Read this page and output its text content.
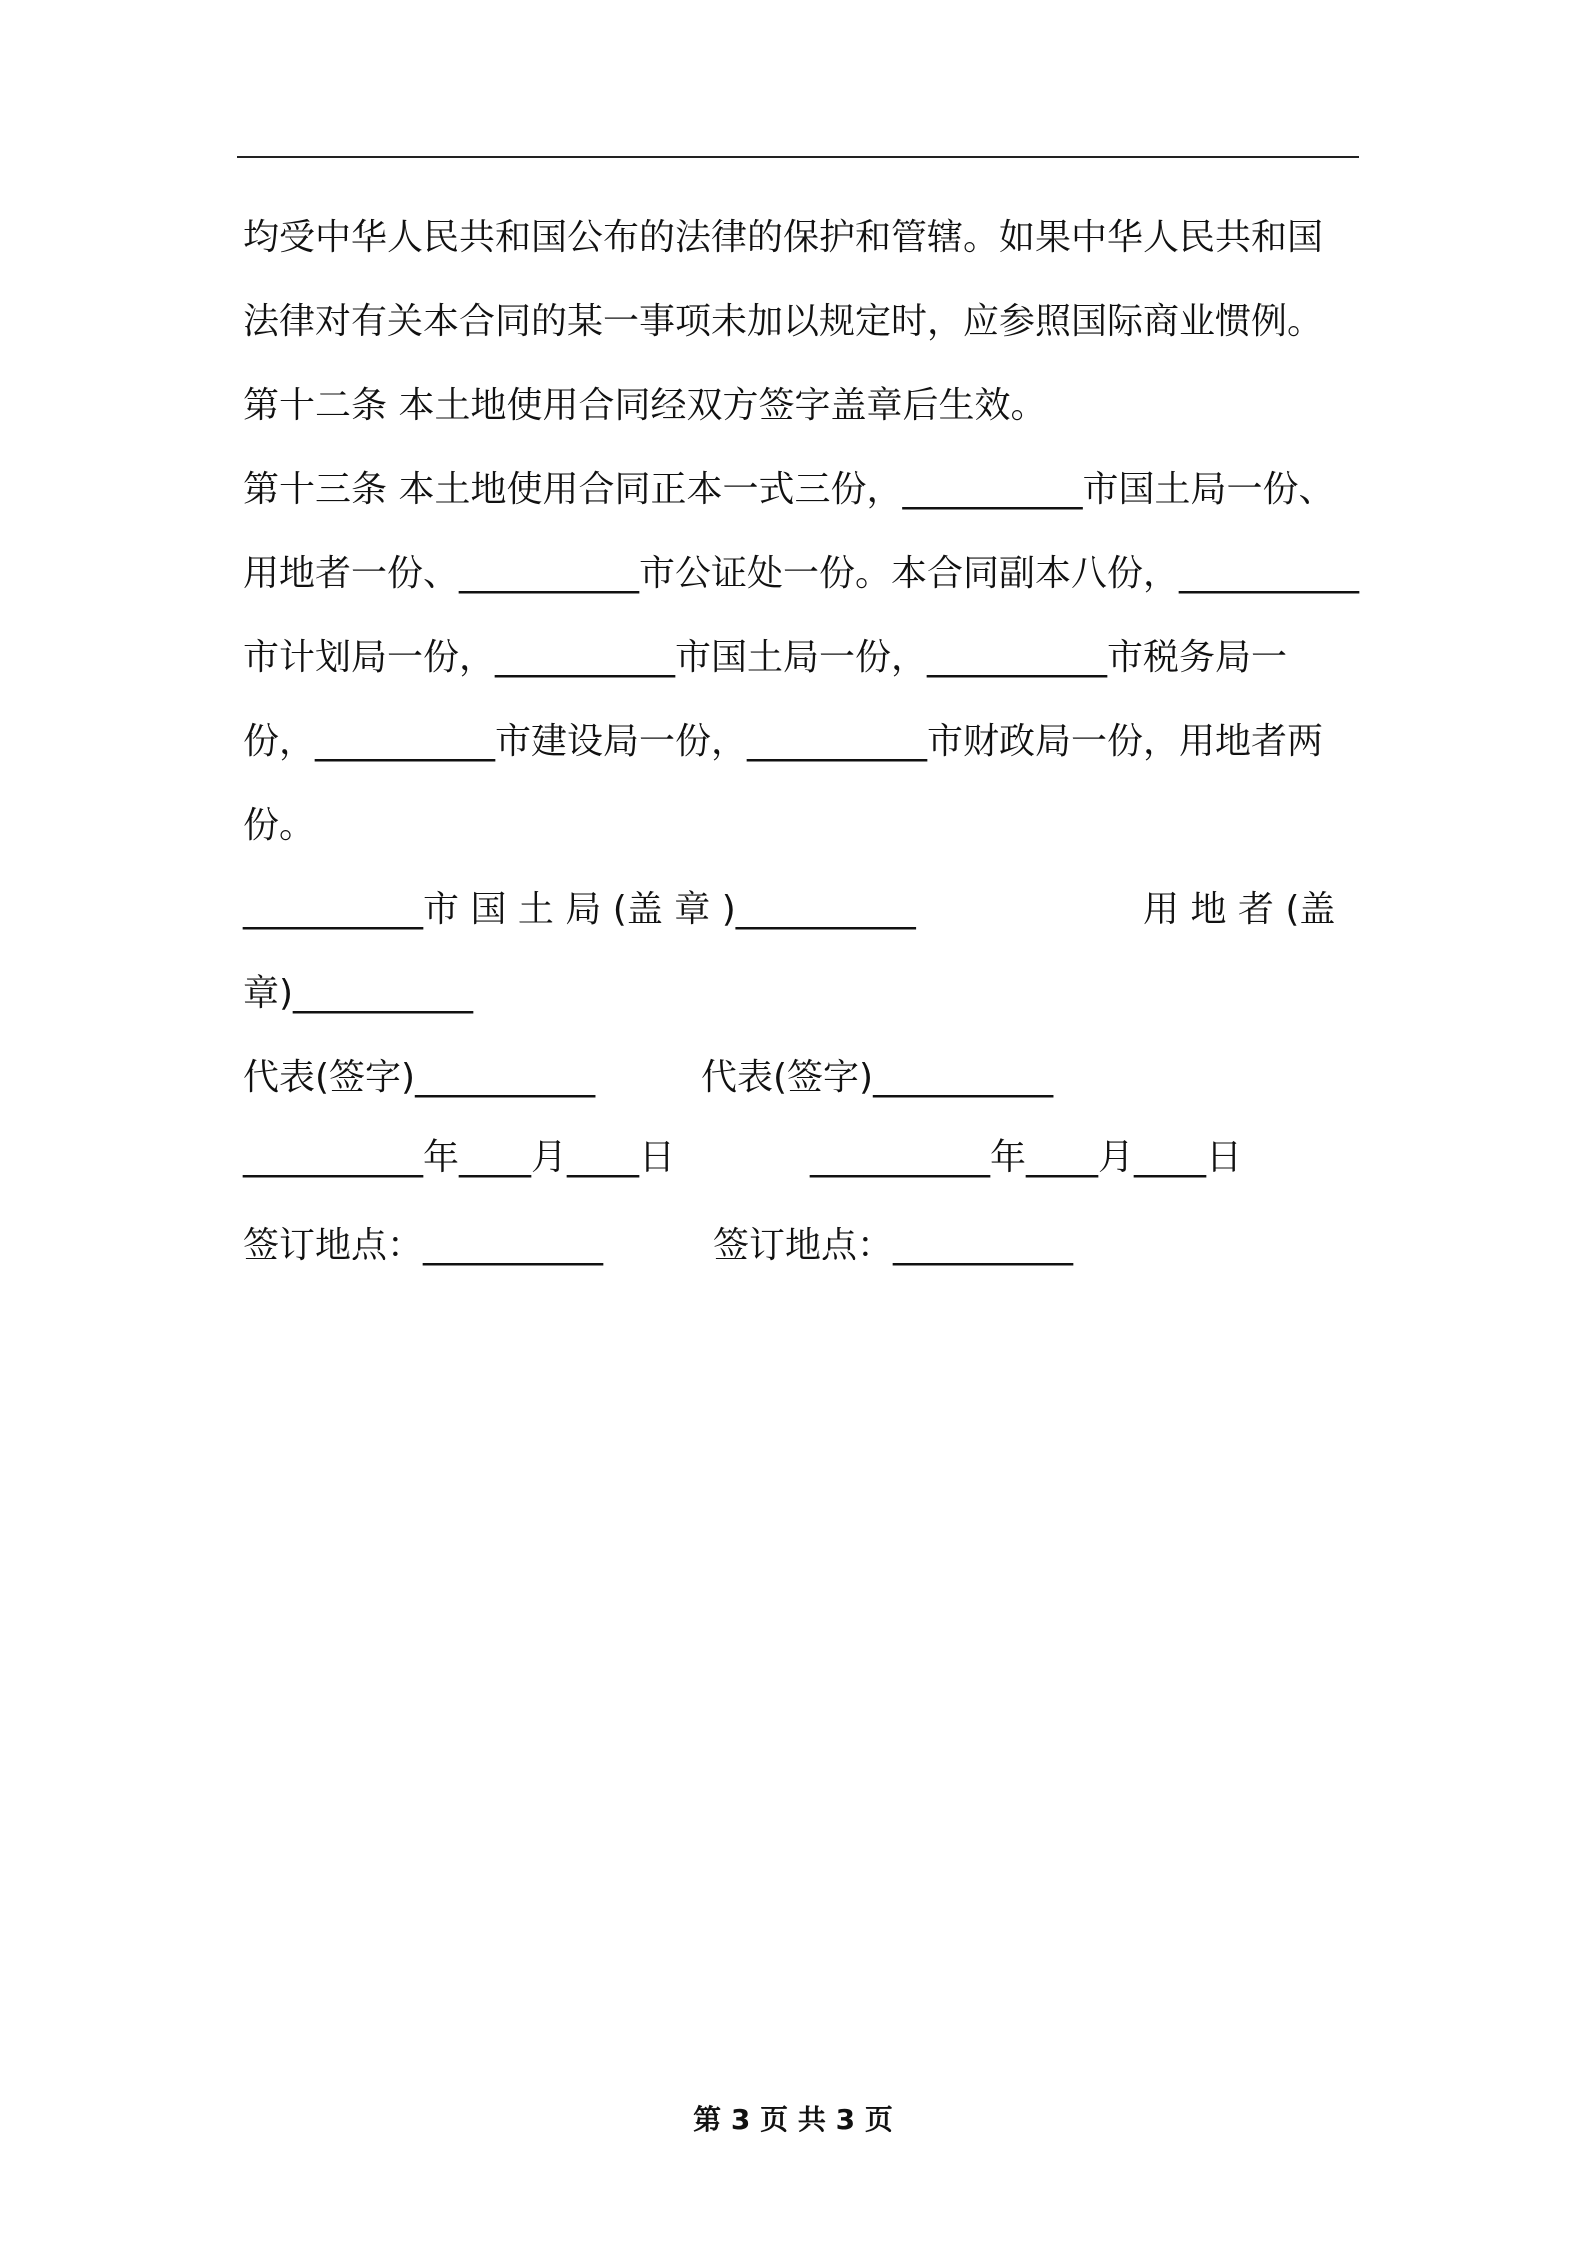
均受中华人民共和国公布的法律的保护和管辖。如果中华人民共和国
法律对有关本合同的某一事项未加以规定时，应参照国际商业惯例。
第十二条 本土地使用合同经双方签字盖章后生效。
第十三条 本土地使用合同正本一式三份，__________市国土局一份、
用地者一份、__________市公证处一份。本合同副本八份，__________
市计划局一份，__________市国土局一份，__________市税务局一
份，__________市建设局一份，__________市财政局一份，用地者两
份。
__________市 国 土 局 (盖 章 )__________	用 地 者 (盖
章)__________
代表(签字)__________	代表(签字)__________
__________年____月____日	__________年____月____日
签订地点：__________	签订地点：__________
第 3 页 共 3 页
